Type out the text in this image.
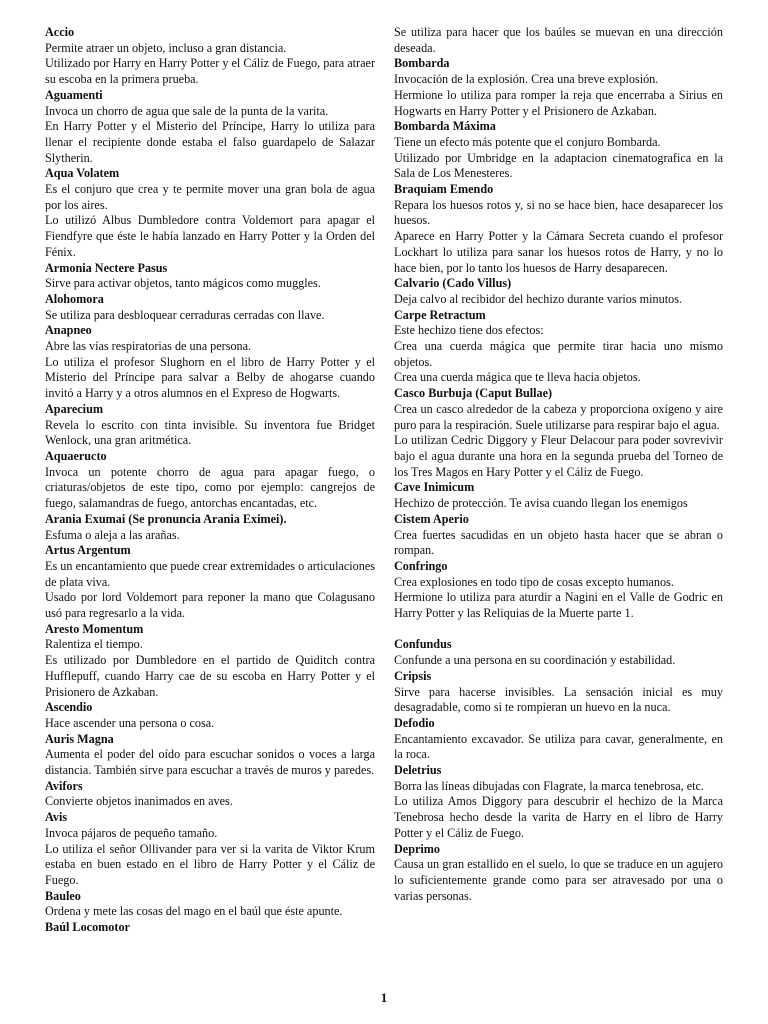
Accio

Permite atraer un objeto, incluso a gran distancia.

Utilizado por Harry en Harry Potter y el Cáliz de Fuego, para atraer su escoba en la primera prueba.

Aguamenti

Invoca un chorro de agua que sale de la punta de la varita.

En Harry Potter y el Misterio del Príncipe, Harry lo utiliza para llenar el recipiente donde estaba el falso guardapelo de Salazar Slytherin.

Aqua Volatem

Es el conjuro que crea y te permite mover una gran bola de agua por los aires.

Lo utilizó Albus Dumbledore contra Voldemort para apagar el Fiendfyre que éste le había lanzado en Harry Potter y la Orden del Fénix.

Armonia Nectere Pasus

Sirve para activar objetos, tanto mágicos como muggles.

Alohomora

Se utiliza para desbloquear cerraduras cerradas con llave.

Anapneo

Abre las vías respiratorias de una persona.

Lo utiliza el profesor Slughorn en el libro de Harry Potter y el Misterio del Príncipe para salvar a Belby de ahogarse cuando invitó a Harry y a otros alumnos en el Expreso de Hogwarts.

Aparecium

Revela lo escrito con tinta invisible. Su inventora fue Bridget Wenlock, una gran aritmética.

Aquaeructo

Invoca un potente chorro de agua para apagar fuego, o criaturas/objetos de este tipo, como por ejemplo: cangrejos de fuego, salamandras de fuego, antorchas encantadas, etc.

Arania Exumai (Se pronuncia Arania Eximei).

Esfuma o aleja a las arañas.

Artus Argentum

Es un encantamiento que puede crear extremidades o articulaciones de plata viva.

Usado por lord Voldemort para reponer la mano que Colagusano usó para regresarlo a la vida.

Aresto Momentum

Ralentiza el tiempo.

Es utilizado por Dumbledore en el partido de Quiditch contra Hufflepuff, cuando Harry cae de su escoba en Harry Potter y el Prisionero de Azkaban.

Ascendio

Hace ascender una persona o cosa.

Auris Magna

Aumenta el poder del oído para escuchar sonidos o voces a larga distancia. También sirve para escuchar a través de muros y paredes.

Avifors

Convierte objetos inanimados en aves.

Avis

Invoca pájaros de pequeño tamaño.

Lo utiliza el señor Ollivander para ver si la varita de Viktor Krum estaba en buen estado en el libro de Harry Potter y el Cáliz de Fuego.

Bauleo

Ordena y mete las cosas del mago en el baúl que éste apunte.

Baúl Locomotor

Se utiliza para hacer que los baúles se muevan en una dirección deseada.

Bombarda

Invocación de la explosión. Crea una breve explosión.

Hermione lo utiliza para romper la reja que encerraba a Sirius en Hogwarts en Harry Potter y el Prisionero de Azkaban.

Bombarda Máxima

Tiene un efecto más potente que el conjuro Bombarda.

Utilizado por Umbridge en la adaptacion cinematografica en la Sala de Los Menesteres.

Braquiam Emendo

Repara los huesos rotos y, si no se hace bien, hace desaparecer los huesos.

Aparece en Harry Potter y la Cámara Secreta cuando el profesor Lockhart lo utiliza para sanar los huesos rotos de Harry, y no lo hace bien, por lo tanto los huesos de Harry desaparecen.

Calvario (Cado Villus)

Deja calvo al recibidor del hechizo durante varios minutos.

Carpe Retractum

Este hechizo tiene dos efectos:

Crea una cuerda mágica que permite tirar hacia uno mismo objetos.

Crea una cuerda mágica que te lleva hacia objetos.

Casco Burbuja (Caput Bullae)

Crea un casco alrededor de la cabeza y proporciona oxígeno y aire puro para la respiración. Suele utilizarse para respirar bajo el agua.

Lo utilizan Cedric Diggory y Fleur Delacour para poder sovrevivir bajo el agua durante una hora en la segunda prueba del Torneo de los Tres Magos en Hary Potter y el Cáliz de Fuego.

Cave Inimicum

Hechizo de protección. Te avisa cuando llegan los enemigos

Cistem Aperio

Crea fuertes sacudidas en un objeto hasta hacer que se abran o rompan.

Confringo

Crea explosiones en todo tipo de cosas excepto humanos.

Hermione lo utiliza para aturdir a Nagini en el Valle de Godric en Harry Potter y las Reliquias de la Muerte parte 1.

Confundus

Confunde a una persona en su coordinación y estabilidad.

Cripsis

Sirve para hacerse invisibles. La sensación inicial es muy desagradable, como si te rompieran un huevo en la nuca.

Defodio

Encantamiento excavador. Se utiliza para cavar, generalmente, en la roca.

Deletrius

Borra las líneas dibujadas con Flagrate, la marca tenebrosa, etc.

Lo utiliza Amos Diggory para descubrir el hechizo de la Marca Tenebrosa hecho desde la varita de Harry en el libro de Harry Potter y el Cáliz de Fuego.

Deprimo

Causa un gran estallido en el suelo, lo que se traduce en un agujero lo suficientemente grande como para ser atravesado por una o varias personas.

1
